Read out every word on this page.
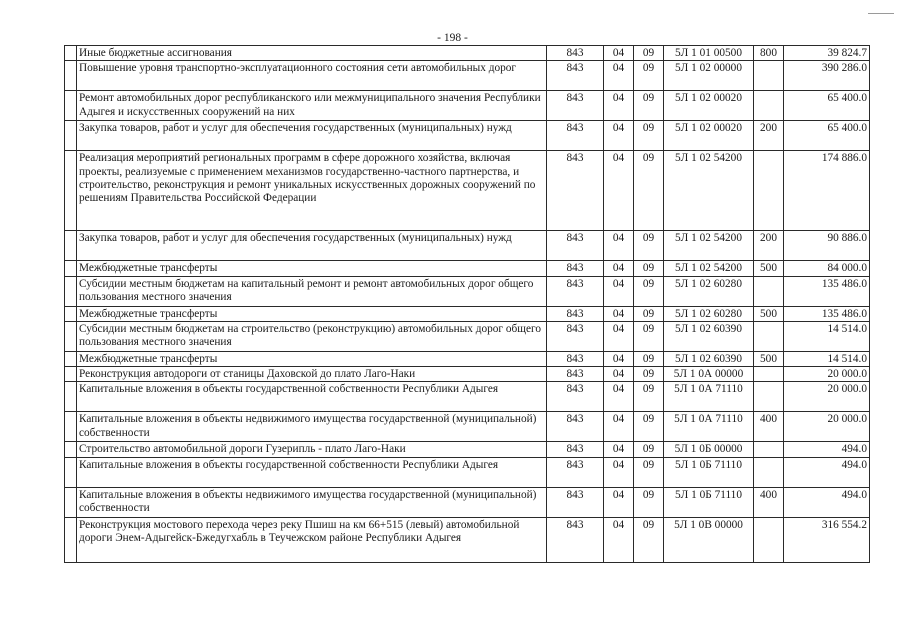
- 198 -

	Иные бюджетные ассигнования	843	04	09	5Л 1 01 00500	800	39 824.7

	Повышение уровня транспортно-эксплуатационного состояния сети автомобильных дорог	843	04	09	5Л 1 02 00000		390 286.0

	Ремонт автомобильных дорог республиканского или межмуниципального значения Республики Адыгея и искусственных сооружений на них	843	04	09	5Л 1 02 00020		65 400.0

	Закупка товаров, работ и услуг для обеспечения государственных (муниципальных) нужд	843	04	09	5Л 1 02 00020	200	65 400.0

	Реализация мероприятий региональных программ в сфере дорожного хозяйства, включая проекты, реализуемые с применением механизмов государственно-частного партнерства, и строительство, реконструкция и ремонт уникальных искусственных дорожных сооружений по решениям Правительства Российской Федерации	843	04	09	5Л 1 02 54200		174 886.0

	Закупка товаров, работ и услуг для обеспечения государственных (муниципальных) нужд	843	04	09	5Л 1 02 54200	200	90 886.0

	Межбюджетные трансферты	843	04	09	5Л 1 02 54200	500	84 000.0

	Субсидии местным бюджетам на капитальный ремонт и ремонт автомобильных дорог общего пользования местного значения	843	04	09	5Л 1 02 60280		135 486.0

	Межбюджетные трансферты	843	04	09	5Л 1 02 60280	500	135 486.0

	Субсидии местным бюджетам на строительство (реконструкцию) автомобильных дорог общего пользования местного значения	843	04	09	5Л 1 02 60390		14 514.0

	Межбюджетные трансферты	843	04	09	5Л 1 02 60390	500	14 514.0

	Реконструкция автодороги от станицы Даховской до плато Лаго-Наки	843	04	09	5Л 1 0А 00000		20 000.0

	Капитальные вложения в объекты государственной собственности Республики Адыгея	843	04	09	5Л 1 0А 71110		20 000.0

	Капитальные вложения в объекты недвижимого имущества государственной (муниципальной) собственности	843	04	09	5Л 1 0А 71110	400	20 000.0

	Строительство автомобильной дороги Гузерипль - плато Лаго-Наки	843	04	09	5Л 1 0Б 00000		494.0

	Капитальные вложения в объекты государственной собственности Республики Адыгея	843	04	09	5Л 1 0Б 71110		494.0

	Капитальные вложения в объекты недвижимого имущества государственной (муниципальной) собственности	843	04	09	5Л 1 0Б 71110	400	494.0

	Реконструкция мостового перехода через реку Пшиш на км 66+515 (левый) автомобильной дороги Энем-Адыгейск-Бжедугхабль в Теучежском районе Республики Адыгея	843	04	09	5Л 1 0В 00000		316 554.2
